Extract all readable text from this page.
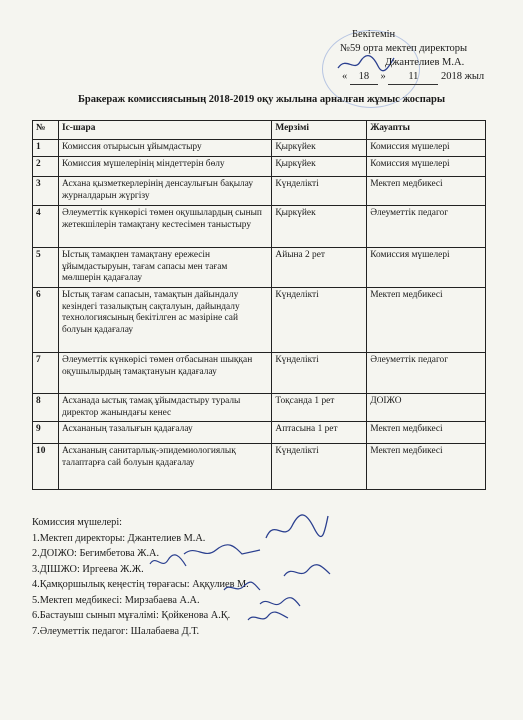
Бекітемін
№59 орта мектеп директоры
Джантелиев М.А.
« 18 » 11 2018 жыл
Бракераж комиссиясының 2018-2019 оқу жылына арналған жұмыс жоспары
№	Іс-шара	Мерзімі	Жауапты
1	Комиссия отырысын ұйымдастыру	Қыркүйек	Комиссия мүшелері
2	Комиссия мүшелерінің міндеттерін бөлу	Қыркүйек	Комиссия мүшелері
3	Асхана қызметкерлерінің денсаулығын бақылау журналдарын жүргізу	Күнделікті	Мектеп медбикесі
4	Әлеуметтік күнкөрісі төмен оқушылардың сынып жетекшілерін тамақтану кестесімен таныстыру	Қыркүйек	Әлеуметтік педагог
5	Ыстық тамақпен тамақтану ережесін ұйымдастыруын, тағам сапасы мен тағам мөлшерін қадағалау	Айына 2 рет	Комиссия мүшелері
6	Ыстық тағам сапасын, тамақтын дайындалу кезіндегі тазалықтың сақталуын, дайындалу технологиясының бекітілген ас мәзіріне сай болуын қадағалау	Күнделікті	Мектеп медбикесі
7	Әлеуметтік күнкөрісі төмен отбасынан шыққан оқушылырдың тамақтануын қадағалау	Күнделікті	Әлеуметтік педагог
8	Асханада ыстық тамақ ұйымдастыру туралы директор жанындағы кенес	Тоқсанда 1 рет	ДОІЖО
9	Асхананың тазалығын қадағалау	Аптасына 1 рет	Мектеп медбикесі
10	Асхананың санитарлық-эпидемиологиялық талаптарға сай болуын қадағалау	Күнделікті	Мектеп медбикесі
Комиссия мүшелері:
1.Мектеп директоры: Джантелиев М.А.
2.ДОІЖО: Бегимбетова Ж.А.
3.ДІШЖО: Иргеева Ж.Ж.
4.Қамқоршылық кеңестің төрағасы: Аққулиев М.
5.Мектеп медбикесі: Мирзабаева А.А.
6.Бастауыш сынып мұғалімі: Қойкенова А.Қ.
7.Әлеуметтік педагог: Шалабаева Д.Т.
